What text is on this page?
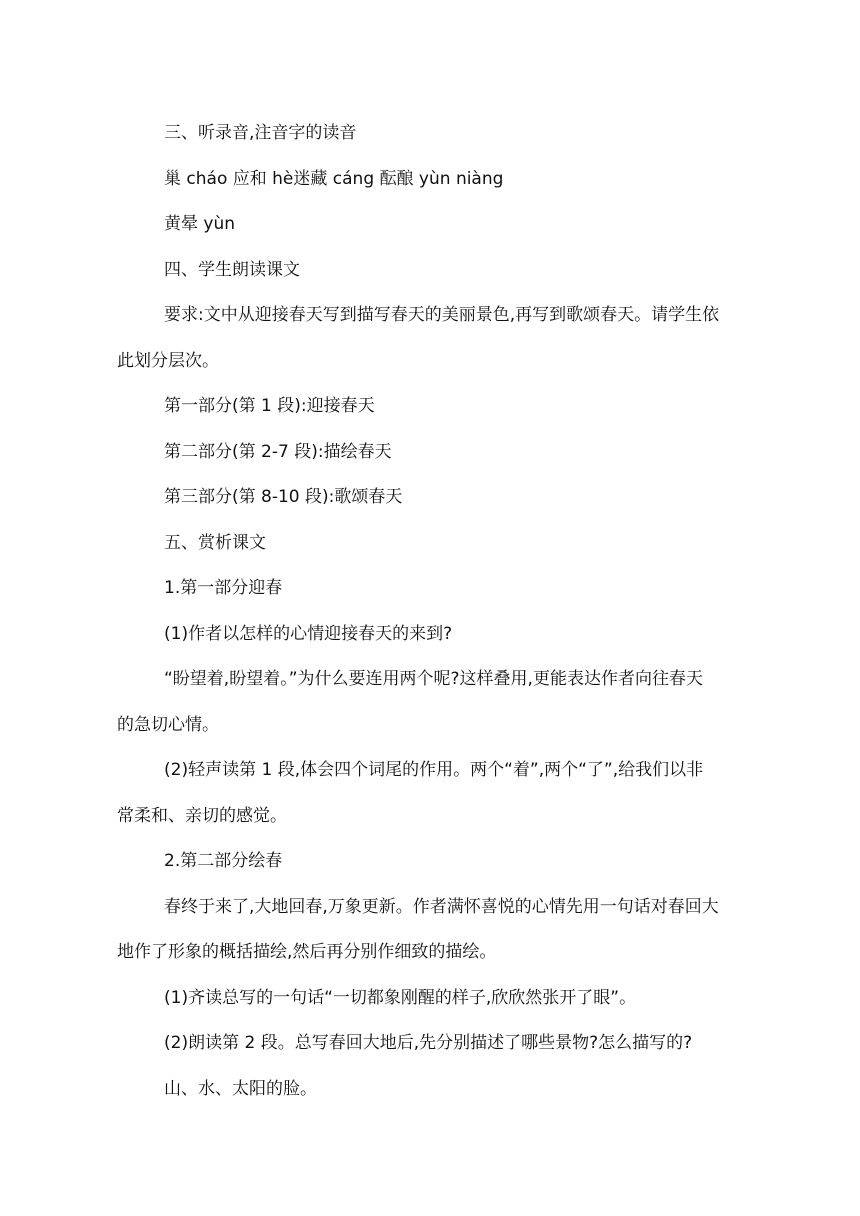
三、听录音,注音字的读音
巢 cháo 应和 hè迷藏 cáng 酝酿 yùn niàng
黄晕 yùn
四、学生朗读课文
要求:文中从迎接春天写到描写春天的美丽景色,再写到歌颂春天。请学生依
此划分层次。
第一部分(第 1 段):迎接春天
第二部分(第 2-7 段):描绘春天
第三部分(第 8-10 段):歌颂春天
五、赏析课文
1.第一部分迎春
(1)作者以怎样的心情迎接春天的来到?
“盼望着,盼望着。”为什么要连用两个呢?这样叠用,更能表达作者向往春天
的急切心情。
(2)轻声读第 1 段,体会四个词尾的作用。两个“着”,两个“了”,给我们以非
常柔和、亲切的感觉。
2.第二部分绘春
春终于来了,大地回春,万象更新。作者满怀喜悦的心情先用一句话对春回大
地作了形象的概括描绘,然后再分别作细致的描绘。
(1)齐读总写的一句话“一切都象刚醒的样子,欣欣然张开了眼”。
(2)朗读第 2 段。总写春回大地后,先分别描述了哪些景物?怎么描写的?
山、水、太阳的脸。
